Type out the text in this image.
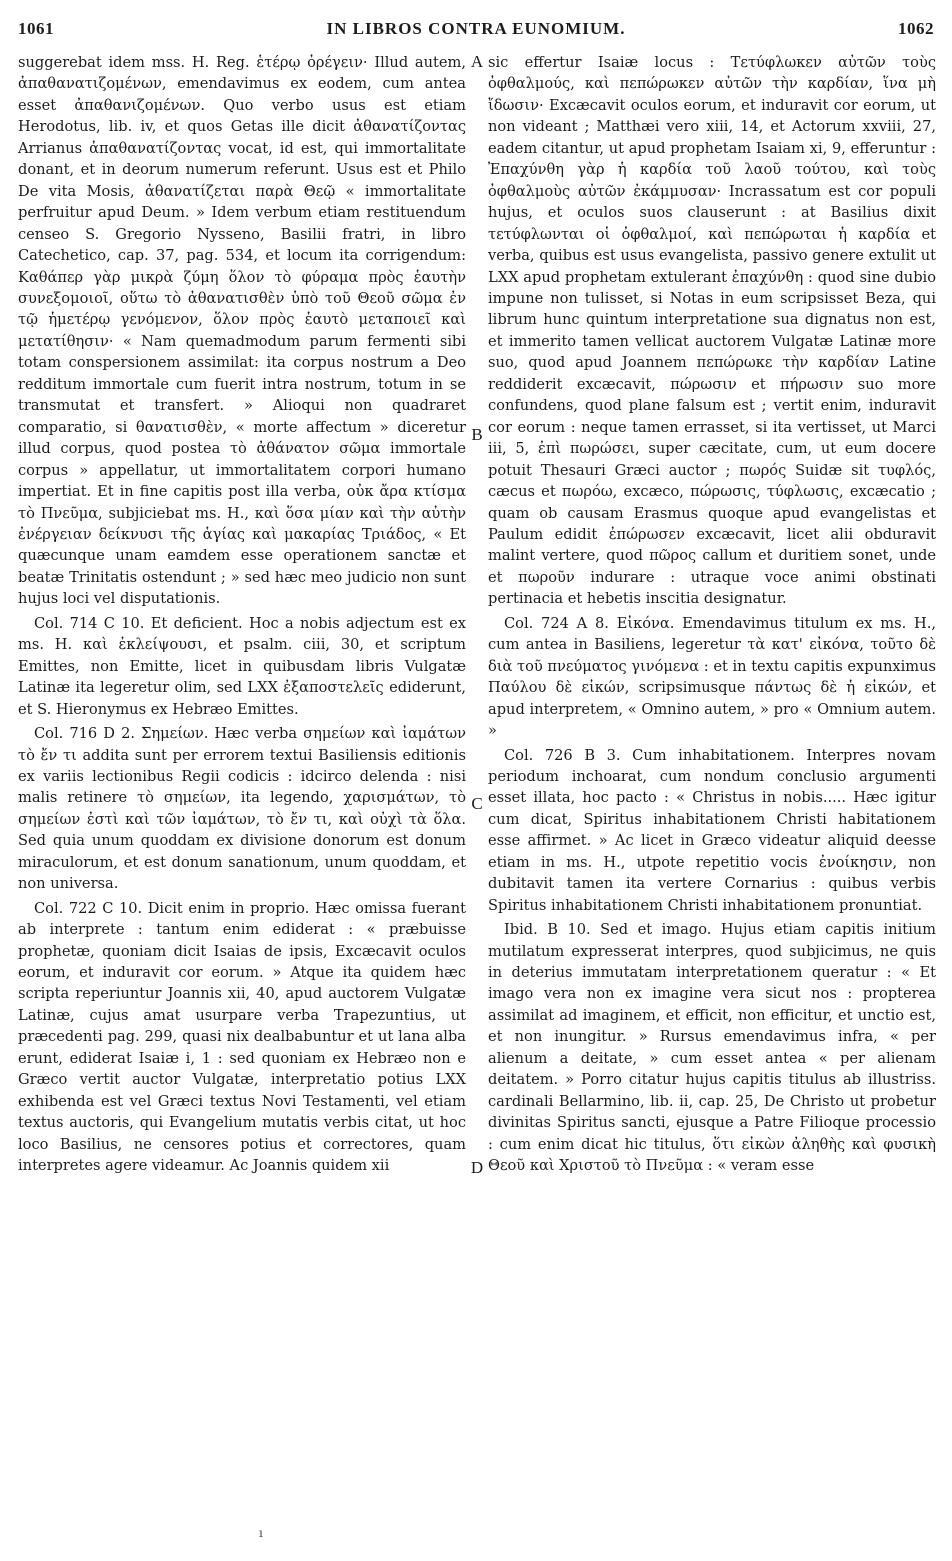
1061	IN LIBROS CONTRA EUNOMIUM.	1062

suggerebat idem mss. H. Reg. ἑτέρῳ ὀρέγειν· Illud autem, ἀπαθανατιζομένων, emendavimus ex eodem, cum antea esset ἀπαθανιζομένων. Quo verbo usus est etiam Herodotus, lib. iv, et quos Getas ille dicit ἀθανατίζοντας Arrianus ἀπαθανατίζοντας vocat, id est, qui immortalitate donant, et in deorum numerum referunt. Usus est et Philo De vita Mosis, ἀθανατίζεται παρὰ Θεῷ « immortalitate perfruitur apud Deum. » Idem verbum etiam restituendum censeo S. Gregorio Nysseno, Basilii fratri, in libro Catechetico, cap. 37, pag. 534, et locum ita corrigendum: Καθάπερ γὰρ μικρὰ ζύμη ὅλον τὸ φύραμα πρὸς ἑαυτὴν συνεξομοιοῖ, οὕτω τὸ ἀθανατισθὲν ὑπὸ τοῦ Θεοῦ σῶμα ἐν τῷ ἡμετέρῳ γενόμενον, ὅλον πρὸς ἑαυτὸ μεταποιεῖ καὶ μετατίθησιν· « Nam quemadmodum parum fermenti sibi totam conspersionem assimilat: ita corpus nostrum a Deo redditum immortale cum fuerit intra nostrum, totum in se transmutat et transfert. » Alioqui non quadraret comparatio, si θανατισθὲν, « morte affectum » diceretur illud corpus, quod postea τὸ ἀθάνατον σῶμα immortale corpus » appellatur, ut immortalitatem corpori humano impertiat. Et in fine capitis post illa verba, οὐκ ἄρα κτίσμα τὸ Πνεῦμα, subjiciebat ms. H., καὶ ὅσα μίαν καὶ τὴν αὐτὴν ἐνέργειαν δείκνυσι τῆς ἁγίας καὶ μακαρίας Τριάδος, « Et quæcunque unam eamdem esse operationem sanctæ et beatæ Trinitatis ostendunt ; » sed hæc meo judicio non sunt hujus loci vel disputationis.

Col. 714 C 10. Et deficient. Hoc a nobis adjectum est ex ms. H. καὶ ἐκλείψουσι, et psalm. ciii, 30, et scriptum Emittes, non Emitte, licet in quibusdam libris Vulgatæ Latinæ ita legeretur olim, sed LXX ἐξαποστελεῖς ediderunt, et S. Hieronymus ex Hebræo Emittes.

Col. 716 D 2. Σημείων. Hæc verba σημείων καὶ ἰαμάτων τὸ ἔν τι addita sunt per errorem textui Basiliensis editionis ex variis lectionibus Regii codicis : idcirco delenda : nisi malis retinere τὸ σημείων, ita legendo, χαρισμάτων, τὸ σημείων ἐστὶ καὶ τῶν ἰαμάτων, τὸ ἔν τι, καὶ οὐχὶ τὰ ὅλα. Sed quia unum quoddam ex divisione donorum est donum miraculorum, et est donum sanationum, unum quoddam, et non universa.

Col. 722 C 10. Dicit enim in proprio. Hæc omissa fuerant ab interprete : tantum enim ediderat : « præbuisse prophetæ, quoniam dicit Isaias de ipsis, Excæcavit oculos eorum, et induravit cor eorum. » Atque ita quidem hæc scripta reperiuntur Joannis xii, 40, apud auctorem Vulgatæ Latinæ, cujus amat usurpare verba Trapezuntius, ut præcedenti pag. 299, quasi nix dealbabuntur et ut lana alba erunt, ediderat Isaiæ i, 1 : sed quoniam ex Hebræo non e Græco vertit auctor Vulgatæ, interpretatio potius LXX exhibenda est vel Græci textus Novi Testamenti, vel etiam textus auctoris, qui Evangelium mutatis verbis citat, ut hoc loco Basilius, ne censores potius et correctores, quam interpretes agere videamur. Ac Joannis quidem xii

sic effertur Isaiæ locus : Τετύφλωκεν αὐτῶν τοὺς ὀφθαλμούς, καὶ πεπώρωκεν αὐτῶν τὴν καρδίαν, ἵνα μὴ ἴδωσιν· Excæcavit oculos eorum, et induravit cor eorum, ut non videant ; Matthæi vero xiii, 14, et Actorum xxviii, 27, eadem citantur, ut apud prophetam Isaiam xi, 9, efferuntur : Ἐπαχύνθη γὰρ ἡ καρδία τοῦ λαοῦ τούτου, καὶ τοὺς ὀφθαλμοὺς αὐτῶν ἐκάμμυσαν· Incrassatum est cor populi hujus, et oculos suos clauserunt : at Basilius dixit τετύφλωνται οἱ ὀφθαλμοί, καὶ πεπώρωται ἡ καρδία et verba, quibus est usus evangelista, passivo genere extulit ut LXX apud prophetam extulerant ἐπαχύνθη : quod sine dubio impune non tulisset, si Notas in eum scripsisset Beza, qui librum hunc quintum interpretatione sua dignatus non est, et immerito tamen vellicat auctorem Vulgatæ Latinæ more suo, quod apud Joannem πεπώρωκε τὴν καρδίαν Latine reddiderit excæcavit, πώρωσιν et πήρωσιν suo more confundens, quod plane falsum est ; vertit enim, induravit cor eorum : neque tamen errasset, si ita vertisset, ut Marci iii, 5, ἐπὶ πωρώσει, super cæcitate, cum, ut eum docere potuit Thesauri Græci auctor ; πωρός Suidæ sit τυφλός, cæcus et πωρόω, excæco, πώρωσις, τύφλωσις, excæcatio ; quam ob causam Erasmus quoque apud evangelistas et Paulum edidit ἐπώρωσεν excæcavit, licet alii obduravit malint vertere, quod πῶρος callum et duritiem sonet, unde et πωροῦν indurare : utraque voce animi obstinati pertinacia et hebetis inscitia designatur.

Col. 724 A 8. Εἰκόνα. Emendavimus titulum ex ms. H., cum antea in Basiliens, legeretur τὰ κατ' εἰκόνα, τοῦτο δὲ διὰ τοῦ πνεύματος γινόμενα : et in textu capitis expunximus Παύλου δὲ εἰκών, scripsimusque πάντως δὲ ἡ εἰκών, et apud interpretem, « Omnino autem, » pro « Omnium autem. »

Col. 726 B 3. Cum inhabitationem. Interpres novam periodum inchoarat, cum nondum conclusio argumenti esset illata, hoc pacto : « Christus in nobis..... Hæc igitur cum dicat, Spiritus inhabitationem Christi habitationem esse affirmet. » Ac licet in Græco videatur aliquid deesse etiam in ms. H., utpote repetitio vocis ἐνοίκησιν, non dubitavit tamen ita vertere Cornarius : quibus verbis Spiritus inhabitationem Christi inhabitationem pronuntiat.

Ibid. B 10. Sed et imago. Hujus etiam capitis initium mutilatum expresserat interpres, quod subjicimus, ne quis in deterius immutatam interpretationem queratur : « Et imago vera non ex imagine vera sicut nos : propterea assimilat ad imaginem, et efficit, non efficitur, et unctio est, et non inungitur. » Rursus emendavimus infra, « per alienum a deitate, » cum esset antea « per alienam deitatem. » Porro citatur hujus capitis titulus ab illustriss. cardinali Bellarmino, lib. ii, cap. 25, De Christo ut probetur divinitas Spiritus sancti, ejusque a Patre Filioque processio : cum enim dicat hic titulus, ὅτι εἰκὼν ἀληθὴς καὶ φυσικὴ Θεοῦ καὶ Χριστοῦ τὸ Πνεῦμα : « veram esse

A
B
C
D
ı
